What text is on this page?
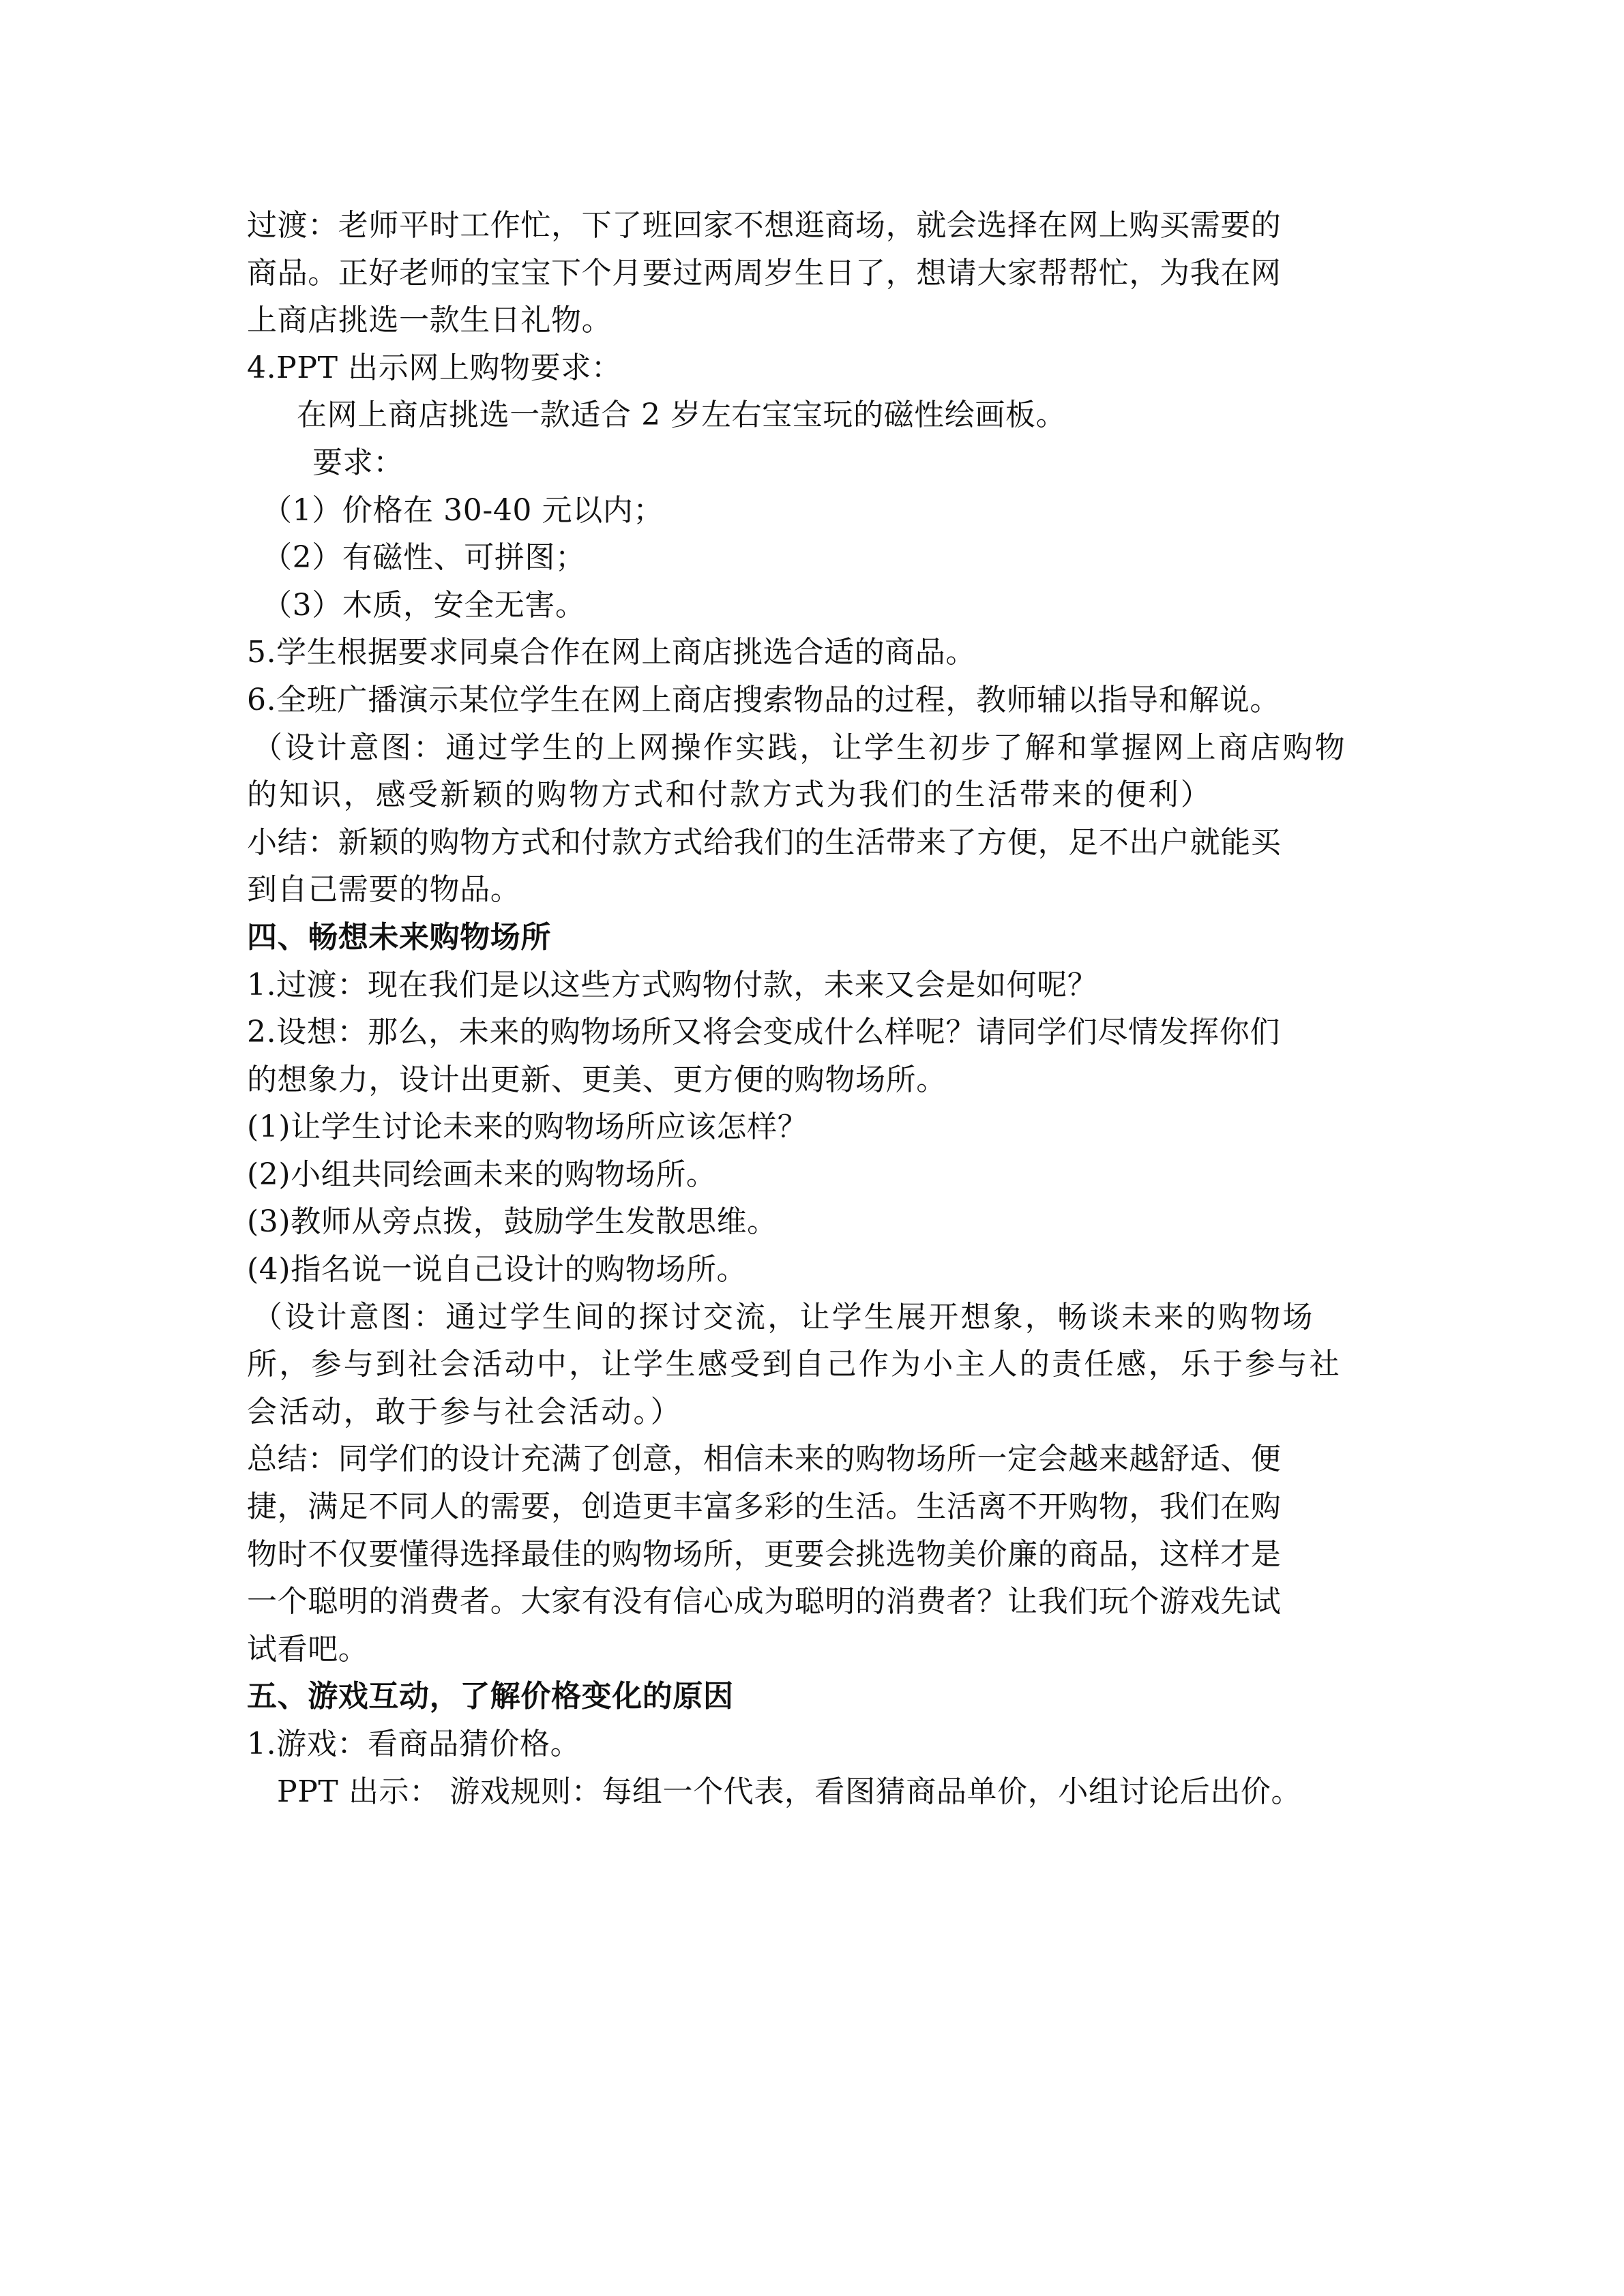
过渡：老师平时工作忙，下了班回家不想逛商场，就会选择在网上购买需要的
商品。正好老师的宝宝下个月要过两周岁生日了，想请大家帮帮忙，为我在网
上商店挑选一款生日礼物。
4.PPT 出示网上购物要求：
在网上商店挑选一款适合 2 岁左右宝宝玩的磁性绘画板。
要求：
（1）价格在 30-40 元以内；
（2）有磁性、可拼图；
（3）木质，安全无害。
5.学生根据要求同桌合作在网上商店挑选合适的商品。
6.全班广播演示某位学生在网上商店搜索物品的过程，教师辅以指导和解说。
（设计意图：通过学生的上网操作实践，让学生初步了解和掌握网上商店购物
的知识，感受新颖的购物方式和付款方式为我们的生活带来的便利）
小结：新颖的购物方式和付款方式给我们的生活带来了方便，足不出户就能买
到自己需要的物品。
四、畅想未来购物场所
1.过渡：现在我们是以这些方式购物付款，未来又会是如何呢？
2.设想：那么，未来的购物场所又将会变成什么样呢？请同学们尽情发挥你们
的想象力，设计出更新、更美、更方便的购物场所。
(1)让学生讨论未来的购物场所应该怎样？
(2)小组共同绘画未来的购物场所。
(3)教师从旁点拨，鼓励学生发散思维。
(4)指名说一说自己设计的购物场所。
（设计意图：通过学生间的探讨交流，让学生展开想象，畅谈未来的购物场
所，参与到社会活动中，让学生感受到自己作为小主人的责任感，乐于参与社
会活动，敢于参与社会活动。）
总结：同学们的设计充满了创意，相信未来的购物场所一定会越来越舒适、便
捷，满足不同人的需要，创造更丰富多彩的生活。生活离不开购物，我们在购
物时不仅要懂得选择最佳的购物场所，更要会挑选物美价廉的商品，这样才是
一个聪明的消费者。大家有没有信心成为聪明的消费者？让我们玩个游戏先试
试看吧。
五、游戏互动，了解价格变化的原因
1.游戏：看商品猜价格。
PPT 出示： 游戏规则：每组一个代表，看图猜商品单价，小组讨论后出价。
